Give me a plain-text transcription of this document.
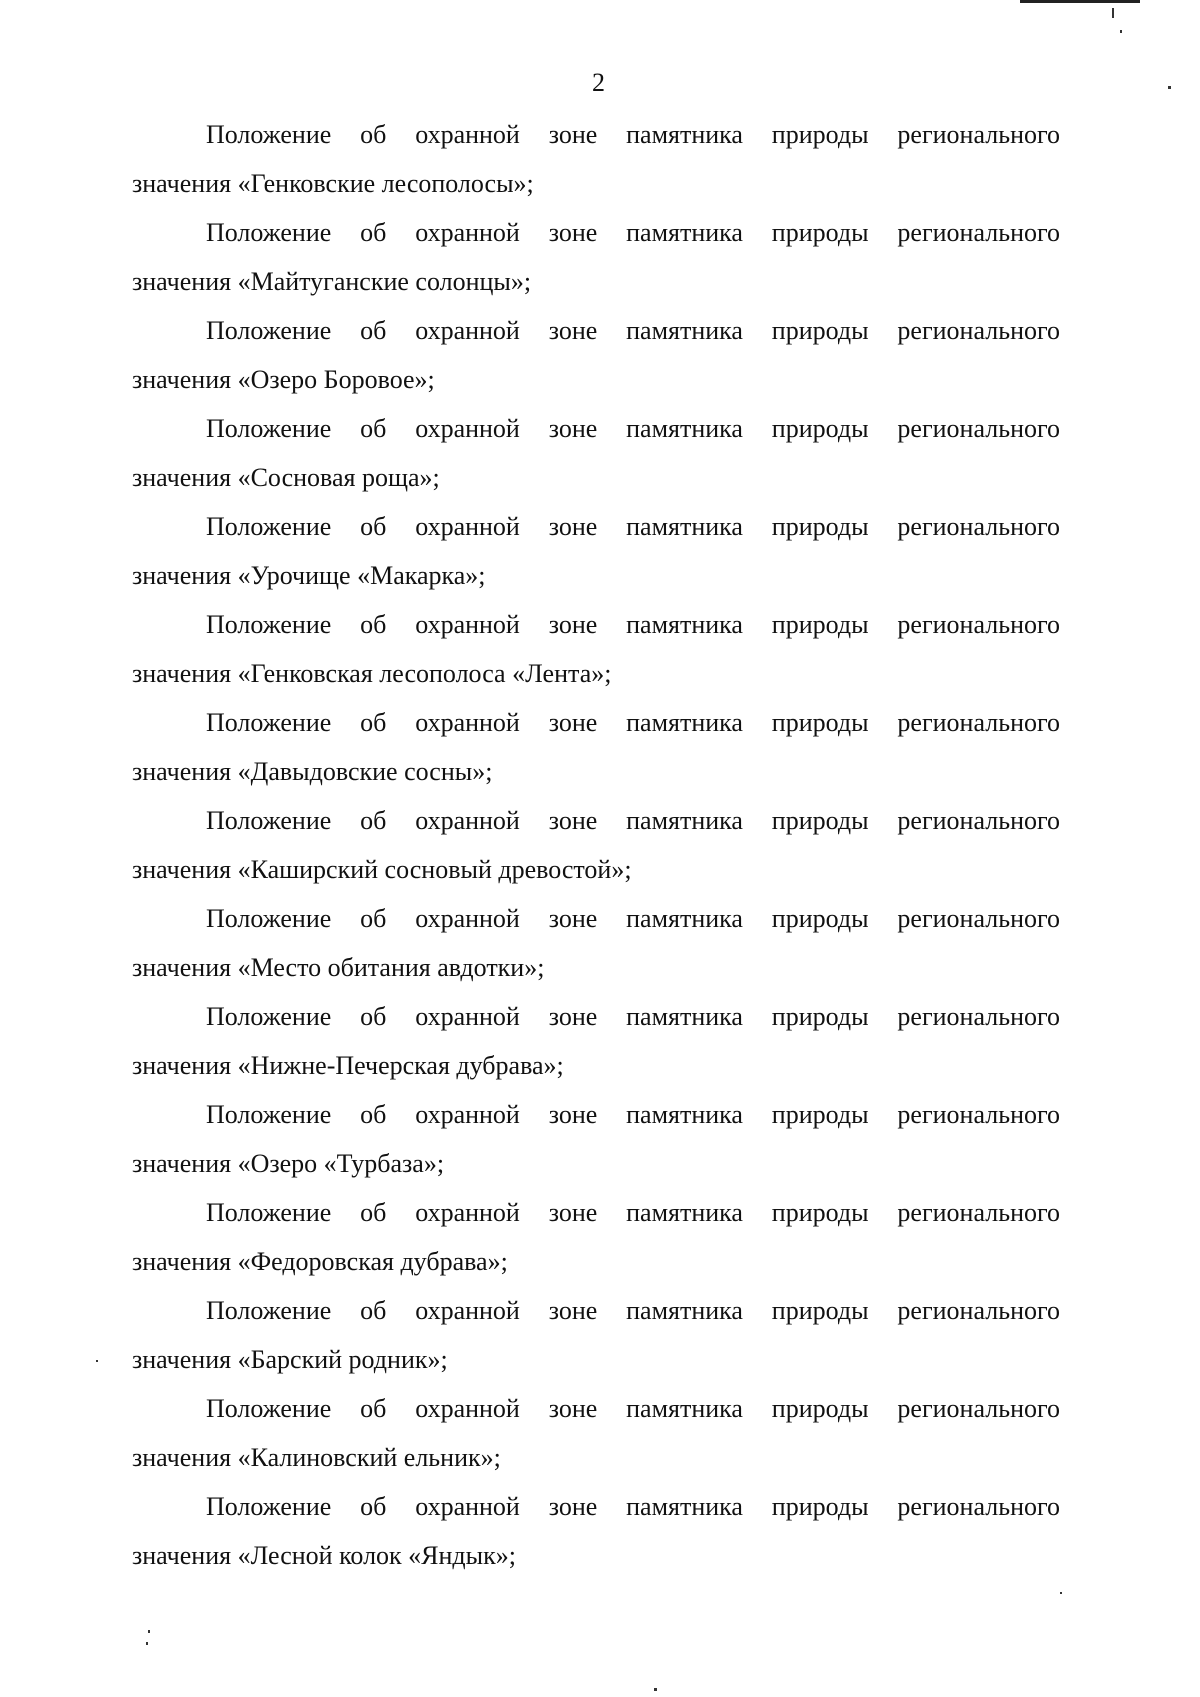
2
Положение об охранной зоне памятника природы регионального
значения «Генковские лесополосы»;
Положение об охранной зоне памятника природы регионального
значения «Майтуганские солонцы»;
Положение об охранной зоне памятника природы регионального
значения «Озеро Боровое»;
Положение об охранной зоне памятника природы регионального
значения «Сосновая роща»;
Положение об охранной зоне памятника природы регионального
значения «Урочище «Макарка»;
Положение об охранной зоне памятника природы регионального
значения «Генковская лесополоса «Лента»;
Положение об охранной зоне памятника природы регионального
значения «Давыдовские сосны»;
Положение об охранной зоне памятника природы регионального
значения «Каширский сосновый древостой»;
Положение об охранной зоне памятника природы регионального
значения «Место обитания авдотки»;
Положение об охранной зоне памятника природы регионального
значения «Нижне-Печерская дубрава»;
Положение об охранной зоне памятника природы регионального
значения «Озеро «Турбаза»;
Положение об охранной зоне памятника природы регионального
значения «Федоровская дубрава»;
Положение об охранной зоне памятника природы регионального
значения «Барский родник»;
Положение об охранной зоне памятника природы регионального
значения «Калиновский ельник»;
Положение об охранной зоне памятника природы регионального
значения «Лесной колок «Яндык»;
